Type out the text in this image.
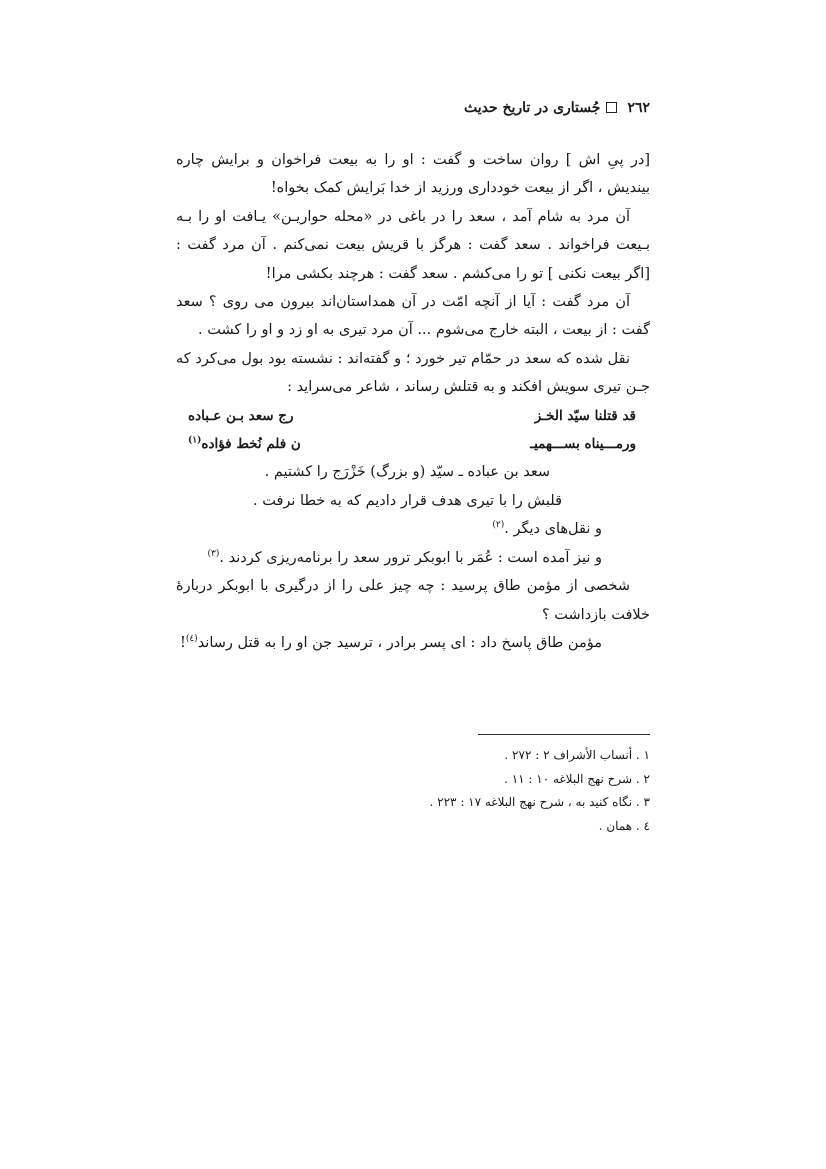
٢٦٢جُستاری در تاریخ حدیث

[در پیِ اش ] روان ساخت و گفت : او را به بیعت فراخوان و برایش چاره بیندیش ، اگر از بیعت خودداری ورزید از خدا بَرایش کمک بخواه!

آن مرد به شام آمد ، سعد را در باغی در «محله حواریـن» یـافت او را بـه بـیعت فراخواند . سعد گفت : هرگز با قریش بیعت نمی‌کنم . آن مرد گفت : [اگر بیعت نکنی ] تو را می‌کشم . سعد گفت : هرچند بکشی مرا!

آن مرد گفت : آیا از آنچه امّت در آن همداستان‌اند بیرون می روی ؟ سعد گفت : از بیعت ، البته خارج می‌شوم ... آن مرد تیری به او زد و او را کشت .

نقل شده که سعد در حمّام تیر خورد ؛ و گفته‌اند : نشسته بود بول می‌کرد که جـن تیری سویش افکند و به قتلش رساند ، شاعر می‌سراید :

قد قتلنا سيّد الخـز
رج سعد بـن عـباده
ورمـــيناه بســـهمیـ
ن فلم نُخط فؤاده$^{(١)}$

سعد بن عباده ـ سیّد (و بزرگ) خَزْرَج را کشتیم .

قلبش را با تیری هدف قرار دادیم که به خطا نرفت .

و نقل‌های دیگر .$^{(٢)}$

و نیز آمده است : عُمَر با ابوبکر ترور سعد را برنامه‌ریزی کردند .$^{(٣)}$

شخصی از مؤمن طاق پرسید : چه چیز علی را از درگیری با ابوبکر دربارهٔ خلافت بازداشت ؟

مؤمن طاق پاسخ داد : ای پسر برادر ، ترسید جن او را به قتل رساند$^{(٤)}$!

١ . أنساب الأشراف ٢ : ٢٧٢ .

٢ . شرح نهج البلاغه ١٠ : ١١ .

٣ . نگاه کنید به ، شرح نهج البلاغه ١٧ : ٢٢٣ .

٤ . همان .
